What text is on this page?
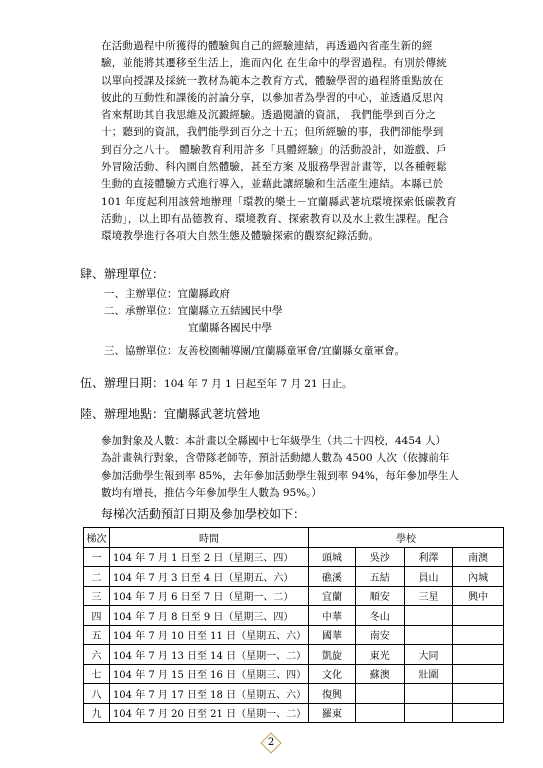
在活動過程中所獲得的體驗與自己的經驗連結，再透過內省產生新的經
驗，並能將其遷移至生活上，進而內化 在生命中的學習過程。有別於傳統
以單向授課及採統一教材為範本之教育方式，體驗學習的過程將重點放在
彼此的互動性和課後的討論分享，以參加者為學習的中心，並透過反思內
省來幫助其自我思維及沉澱經驗。透過閱讀的資訊， 我們能學到百分之
十；聽到的資訊，我們能學到百分之十五；但所經驗的事，我們卻能學到
到百分之八十。 體驗教育利用許多「具體經驗」的活動設計，如遊戲、戶
外冒險活動、科內園自然體驗，甚至方案 及服務學習計畫等，以各種輕鬆
生動的直接體驗方式進行導入，並藉此讓經驗和生活產生連結。本縣已於
101 年度起利用該營地辦理「環教的樂土－宜蘭縣武荖坑環境探索低碳教育
活動」，以上即有品德教育、環境教育、探索教育以及水上救生課程。配合
環境教學進行各項大自然生態及體驗探索的觀察紀錄活動。
肆、辦理單位：
一、主辦單位：宜蘭縣政府
二、承辦單位：宜蘭縣立五結國民中學
宜蘭縣各國民中學
三、協辦單位：友善校園輔導團/宜蘭縣童軍會/宜蘭縣女童軍會。
伍、辦理日期：104 年 7 月 1 日起至年 7 月 21 日止。
陸、辦理地點：宜蘭縣武荖坑營地
參加對象及人數：本計畫以全縣國中七年級學生（共二十四校，4454 人）
為計畫執行對象，含帶隊老師等，預計活動總人數為 4500 人次（依據前年
參加活動學生報到率 85%，去年參加活動學生報到率 94%，每年參加學生人
數均有增長，推估今年參加學生人數為 95%。）
每梯次活動預訂日期及參加學校如下：
梯次	時間	學校			
一	104 年 7 月 1 日至 2 日（星期三、四）	頭城	吳沙	利澤	南澳
二	104 年 7 月 3 日至 4 日（星期五、六）	礁溪	五結	員山	內城
三	104 年 7 月 6 日至 7 日（星期一、二）	宜蘭	順安	三星	興中
四	104 年 7 月 8 日至 9 日（星期三、四）	中華	冬山		
五	104 年 7 月 10 日至 11 日（星期五、六）	國華	南安		
六	104 年 7 月 13 日至 14 日（星期一、二）	凱旋	東光	大同	
七	104 年 7 月 15 日至 16 日（星期三、四）	文化	蘇澳	壯圍	
八	104 年 7 月 17 日至 18 日（星期五、六）	復興			
九	104 年 7 月 20 日至 21 日（星期一、二）	羅東			
2
